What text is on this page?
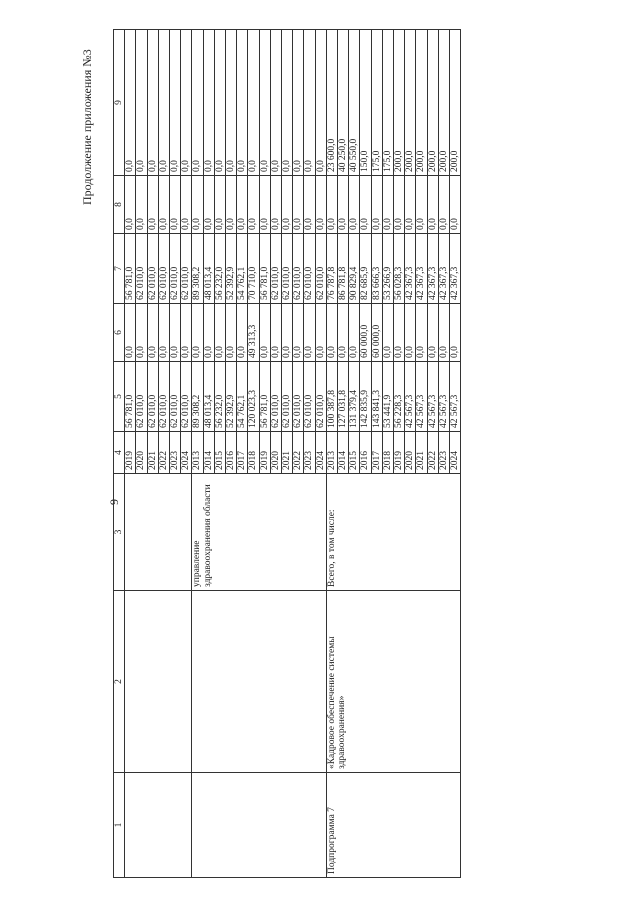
9
Продолжение приложения №3
1	2	3	4	5	6	7	8	9
			2019	56 781,0	0,0	56 781,0	0,0	0,0
			2020	62 010,0	0,0	62 010,0	0,0	0,0
			2021	62 010,0	0,0	62 010,0	0,0	0,0
			2022	62 010,0	0,0	62 010,0	0,0	0,0
			2023	62 010,0	0,0	62 010,0	0,0	0,0
			2024	62 010,0	0,0	62 010,0	0,0	0,0
		управление здравоохранения области	2013	89 308,2	0,0	89 308,2	0,0	0,0
			2014	48 013,4	0,0	48 013,4	0,0	0,0
			2015	56 232,0	0,0	56 232,0	0,0	0,0
			2016	52 392,9	0,0	52 392,9	0,0	0,0
			2017	54 762,1	0,0	54 762,1	0,0	0,0
			2018	120 023,3	49 313,3	70 710,0	0,0	0,0
			2019	56 781,0	0,0	56 781,0	0,0	0,0
			2020	62 010,0	0,0	62 010,0	0,0	0,0
			2021	62 010,0	0,0	62 010,0	0,0	0,0
			2022	62 010,0	0,0	62 010,0	0,0	0,0
			2023	62 010,0	0,0	62 010,0	0,0	0,0
			2024	62 010,0	0,0	62 010,0	0,0	0,0
Подпрограмма 7	«Кадровое обеспечение системы здравоохранения»	Всего, в том числе:	2013	100 387,8	0,0	76 787,8	0,0	23 600,0
			2014	127 031,8	0,0	86 781,8	0,0	40 250,0
			2015	131 379,4	0,0	90 829,4	0,0	40 550,0
			2016	142 835,9	60 000,0	82 685,9	0,0	150,0
			2017	143 841,3	60 000,0	83 666,3	0,0	175,0
			2018	53 441,9	0,0	53 266,9	0,0	175,0
			2019	56 228,3	0,0	56 028,3	0,0	200,0
			2020	42 567,3	0,0	42 367,3	0,0	200,0
			2021	42 567,3	0,0	42 367,3	0,0	200,0
			2022	42 567,3	0,0	42 367,3	0,0	200,0
			2023	42 567,3	0,0	42 367,3	0,0	200,0
			2024	42 567,3	0,0	42 367,3	0,0	200,0
